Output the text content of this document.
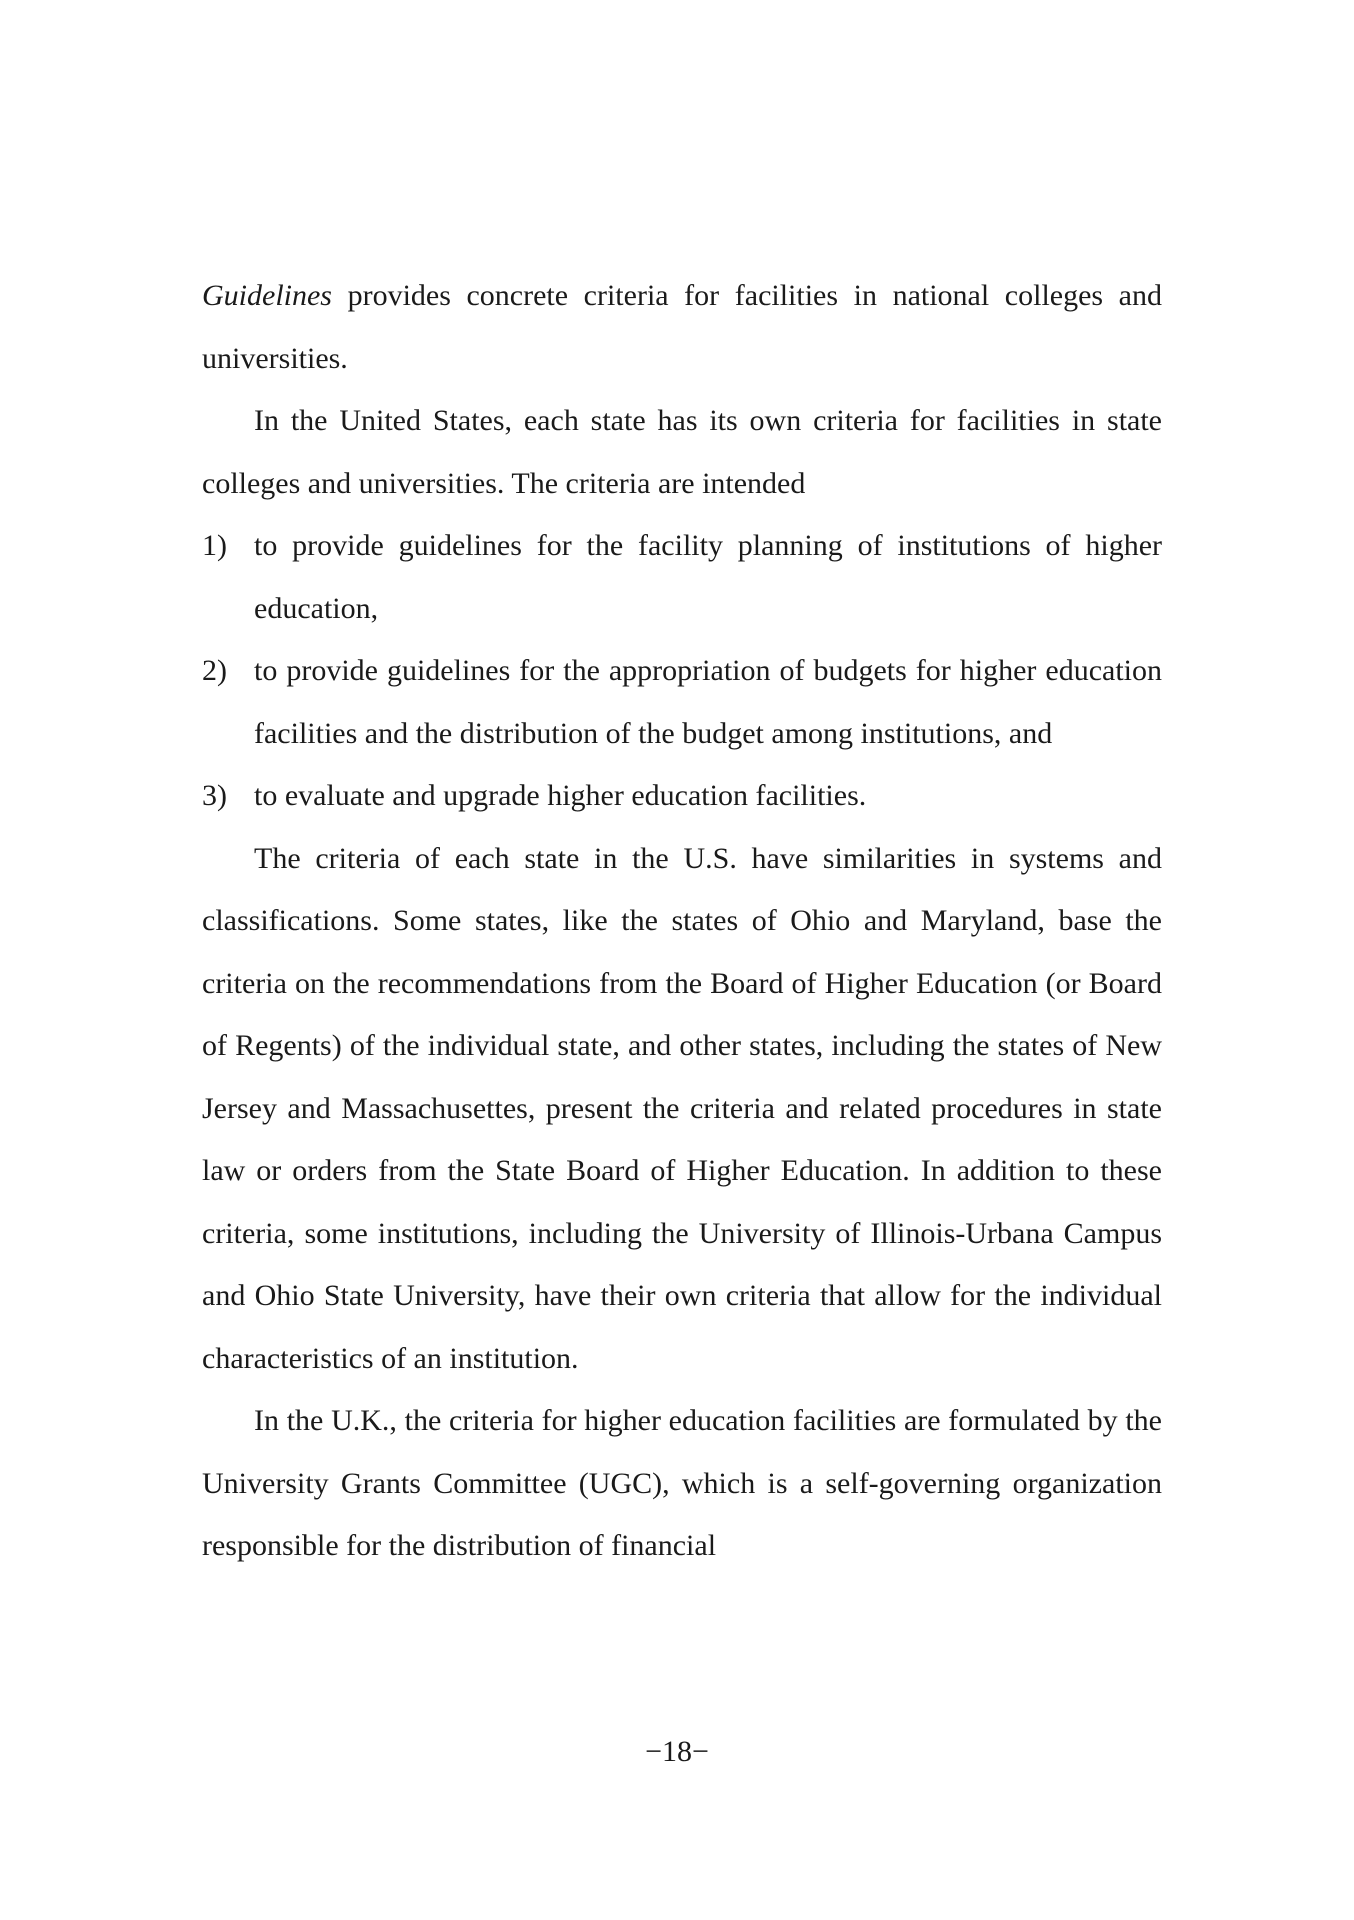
Guidelines provides concrete criteria for facilities in national colleges and universities.

In the United States, each state has its own criteria for facilities in state colleges and universities. The criteria are intended

1) to provide guidelines for the facility planning of institutions of higher education,
2) to provide guidelines for the appropriation of budgets for higher education facilities and the distribution of the budget among institutions, and
3) to evaluate and upgrade higher education facilities.

The criteria of each state in the U.S. have similarities in systems and classifications. Some states, like the states of Ohio and Maryland, base the criteria on the recommendations from the Board of Higher Education (or Board of Regents) of the individual state, and other states, including the states of New Jersey and Massachusettes, present the criteria and related procedures in state law or orders from the State Board of Higher Education. In addition to these criteria, some institutions, including the University of Illinois-Urbana Campus and Ohio State University, have their own criteria that allow for the individual characteristics of an institution.

In the U.K., the criteria for higher education facilities are formulated by the University Grants Committee (UGC), which is a self-governing organization responsible for the distribution of financial

−18−
